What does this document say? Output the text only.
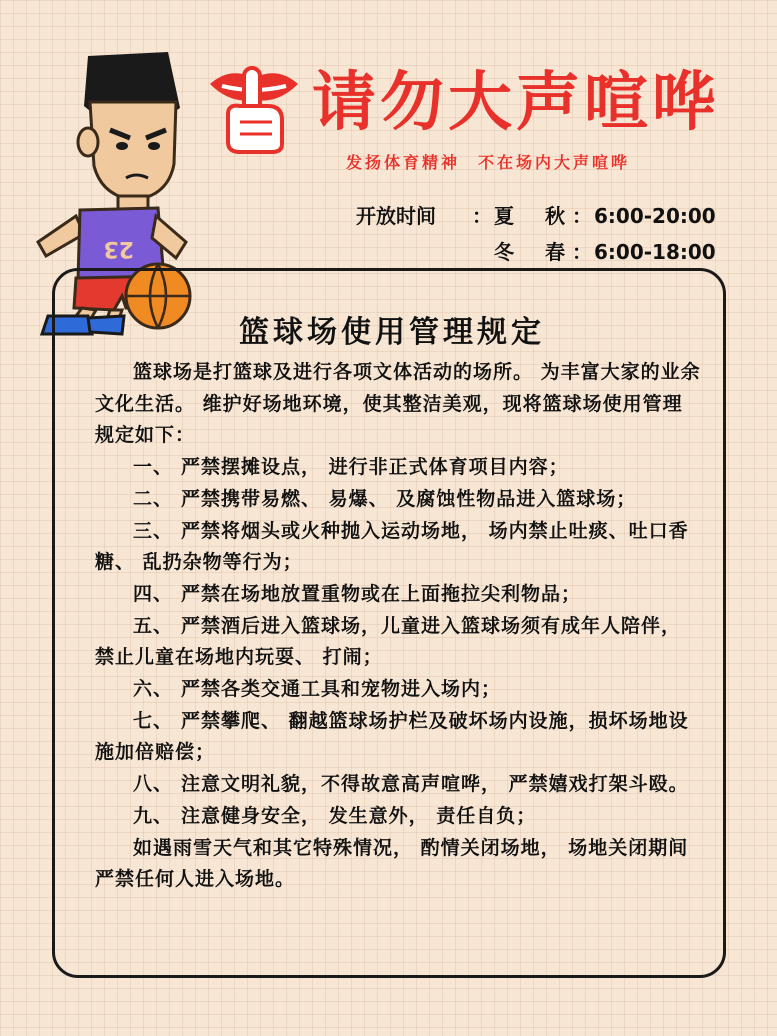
23
请勿大声喧哗
发扬体育精神 不在场内大声喧哗
开放时间 ： 夏 秋： 6:00-20:00
冬 春： 6:00-18:00
篮球场使用管理规定

篮球场是打篮球及进行各项文体活动的场所。 为丰富大家的业余文化生活。 维护好场地环境，使其整洁美观，现将篮球场使用管理规定如下：

一、 严禁摆摊设点， 进行非正式体育项目内容；

二、 严禁携带易燃、 易爆、 及腐蚀性物品进入篮球场；

三、 严禁将烟头或火种抛入运动场地， 场内禁止吐痰、吐口香糖、 乱扔杂物等行为；

四、 严禁在场地放置重物或在上面拖拉尖利物品；

五、 严禁酒后进入篮球场，儿童进入篮球场须有成年人陪伴， 禁止儿童在场地内玩耍、 打闹；

六、 严禁各类交通工具和宠物进入场内；

七、 严禁攀爬、 翻越篮球场护栏及破坏场内设施，损坏场地设施加倍赔偿；

八、 注意文明礼貌，不得故意高声喧哗， 严禁嬉戏打架斗殴。

九、 注意健身安全， 发生意外， 责任自负；

如遇雨雪天气和其它特殊情况， 酌情关闭场地， 场地关闭期间严禁任何人进入场地。
